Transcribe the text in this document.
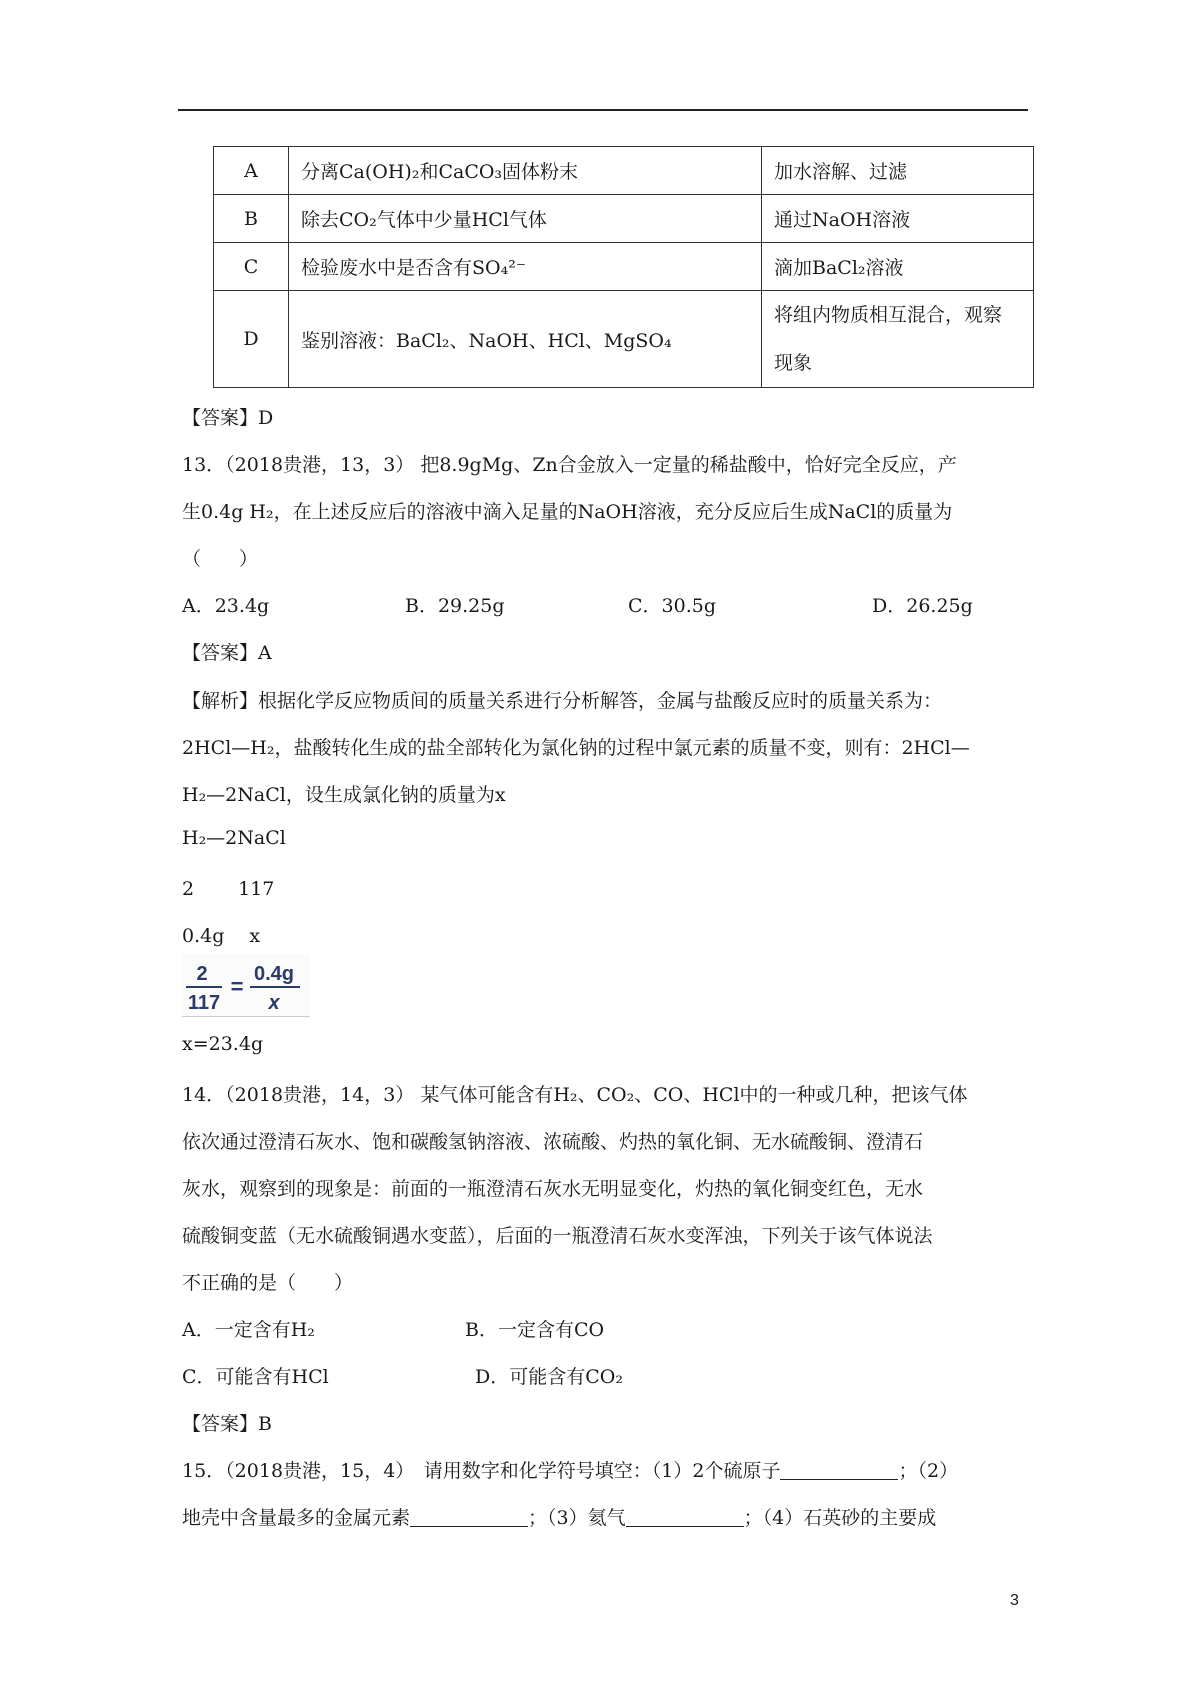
A	分离Ca(OH)₂和CaCO₃固体粉末	加水溶解、过滤
B	除去CO₂气体中少量HCl气体	通过NaOH溶液
C	检验废水中是否含有SO₄²⁻	滴加BaCl₂溶液
D	鉴别溶液：BaCl₂、NaOH、HCl、MgSO₄	将组内物质相互混合，观察
现象
【答案】D
13．（2018贵港，13，3） 把8.9gMg、Zn合金放入一定量的稀盐酸中，恰好完全反应，产
生0.4g H₂，在上述反应后的溶液中滴入足量的NaOH溶液，充分反应后生成NaCl的质量为
（　　）
A．23.4g	B．29.25g	C．30.5g	D．26.25g
【答案】A
【解析】根据化学反应物质间的质量关系进行分析解答，金属与盐酸反应时的质量关系为：
2HCl—H₂，盐酸转化生成的盐全部转化为氯化钠的过程中氯元素的质量不变，则有：2HCl—
H₂—2NaCl，设生成氯化钠的质量为x
H₂—2NaCl
2　　 117
0.4g　 x
2
117
= 0.4g
x
x=23.4g
14．（2018贵港，14，3） 某气体可能含有H₂、CO₂、CO、HCl中的一种或几种，把该气体
依次通过澄清石灰水、饱和碳酸氢钠溶液、浓硫酸、灼热的氧化铜、无水硫酸铜、澄清石
灰水，观察到的现象是：前面的一瓶澄清石灰水无明显变化，灼热的氧化铜变红色，无水
硫酸铜变蓝（无水硫酸铜遇水变蓝），后面的一瓶澄清石灰水变浑浊，下列关于该气体说法
不正确的是（　　）
A．一定含有H₂	B．一定含有CO
C．可能含有HCl	D．可能含有CO₂
【答案】B
15．（2018贵港，15，4）　请用数字和化学符号填空：（1）2个硫原子	；（2）
地壳中含量最多的金属元素	；（3）氦气	；（4）石英砂的主要成
3
